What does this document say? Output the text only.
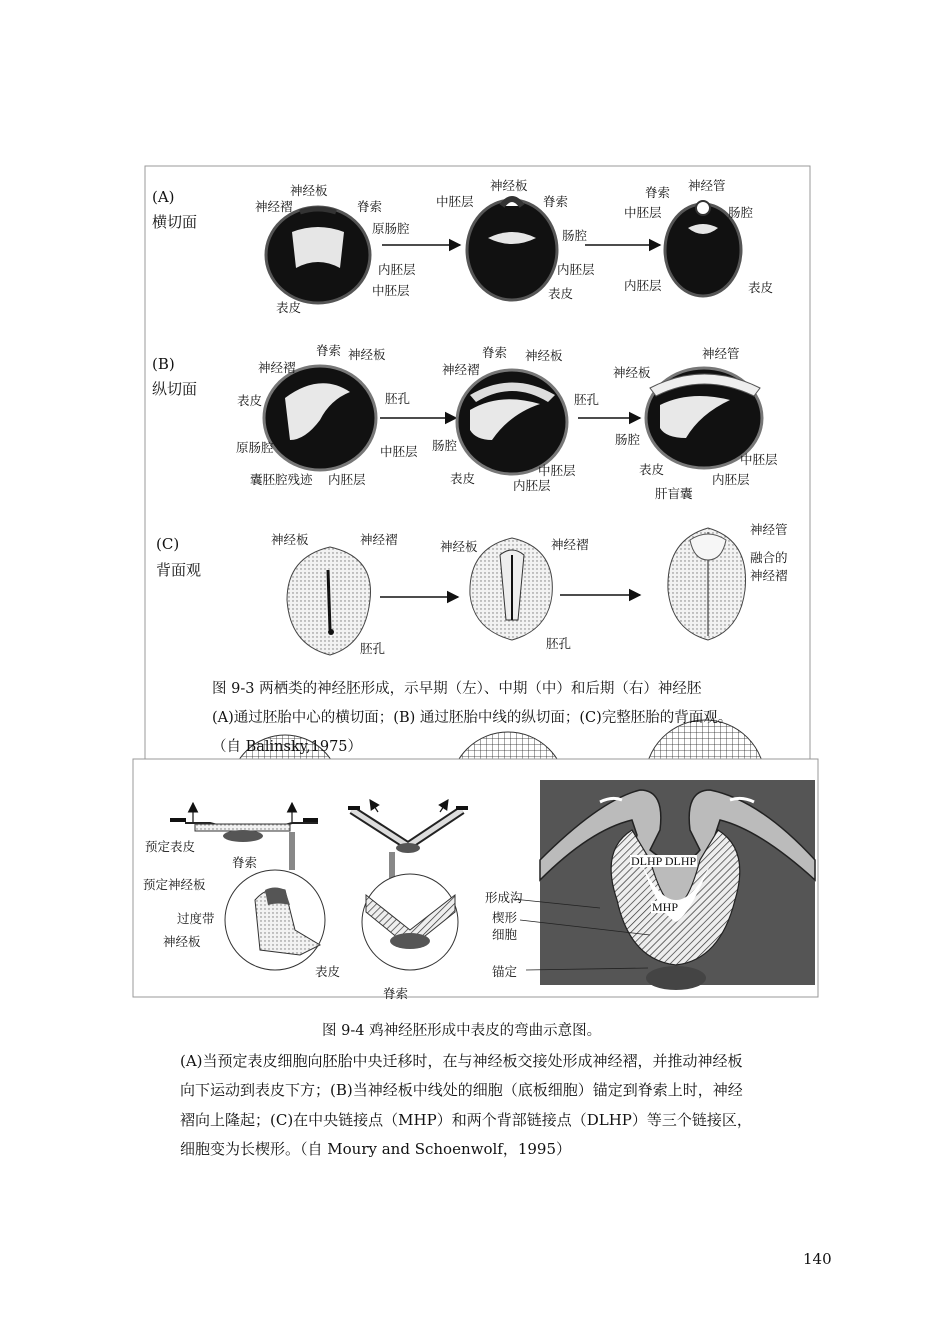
(A)
横切面
(B)
纵切面
(C)
背面观
神经板
神经褶	脊索
原肠腔
内胚层
中胚层
表皮
神经板
中胚层	脊索
肠腔
内胚层
表皮
脊索 神经管
中胚层	肠腔
内胚层	表皮
脊索 神经板
神经褶
表皮	胚孔
原肠腔	中胚层
囊胚腔残迹 内胚层
脊索 神经板
神经褶
胚孔
肠腔
表皮
中胚层
内胚层
神经管
神经板
肠腔
中胚层
表皮
内胚层
肝盲囊
神经板	神经褶
胚孔
神经板	神经褶
胚孔
神经管
融合的
神经褶
图 9-3 两栖类的神经胚形成，示早期（左）、中期（中）和后期（右）神经胚
(A)通过胚胎中心的横切面；(B) 通过胚胎中线的纵切面；(C)完整胚胎的背面观。
（自 Balinsky,1975）
预定表皮
脊索
预定神经板
过度带
神经板
表皮
形成沟
楔形
细胞
锚定
脊索
DLHP DLHP
MHP
图 9-4 鸡神经胚形成中表皮的弯曲示意图。
(A)当预定表皮细胞向胚胎中央迁移时，在与神经板交接处形成神经褶，并推动神经板
向下运动到表皮下方；(B)当神经板中线处的细胞（底板细胞）锚定到脊索上时，神经
褶向上隆起；(C)在中央链接点（MHP）和两个背部链接点（DLHP）等三个链接区，
细胞变为长楔形。（自 Moury and Schoenwolf，1995）
140
